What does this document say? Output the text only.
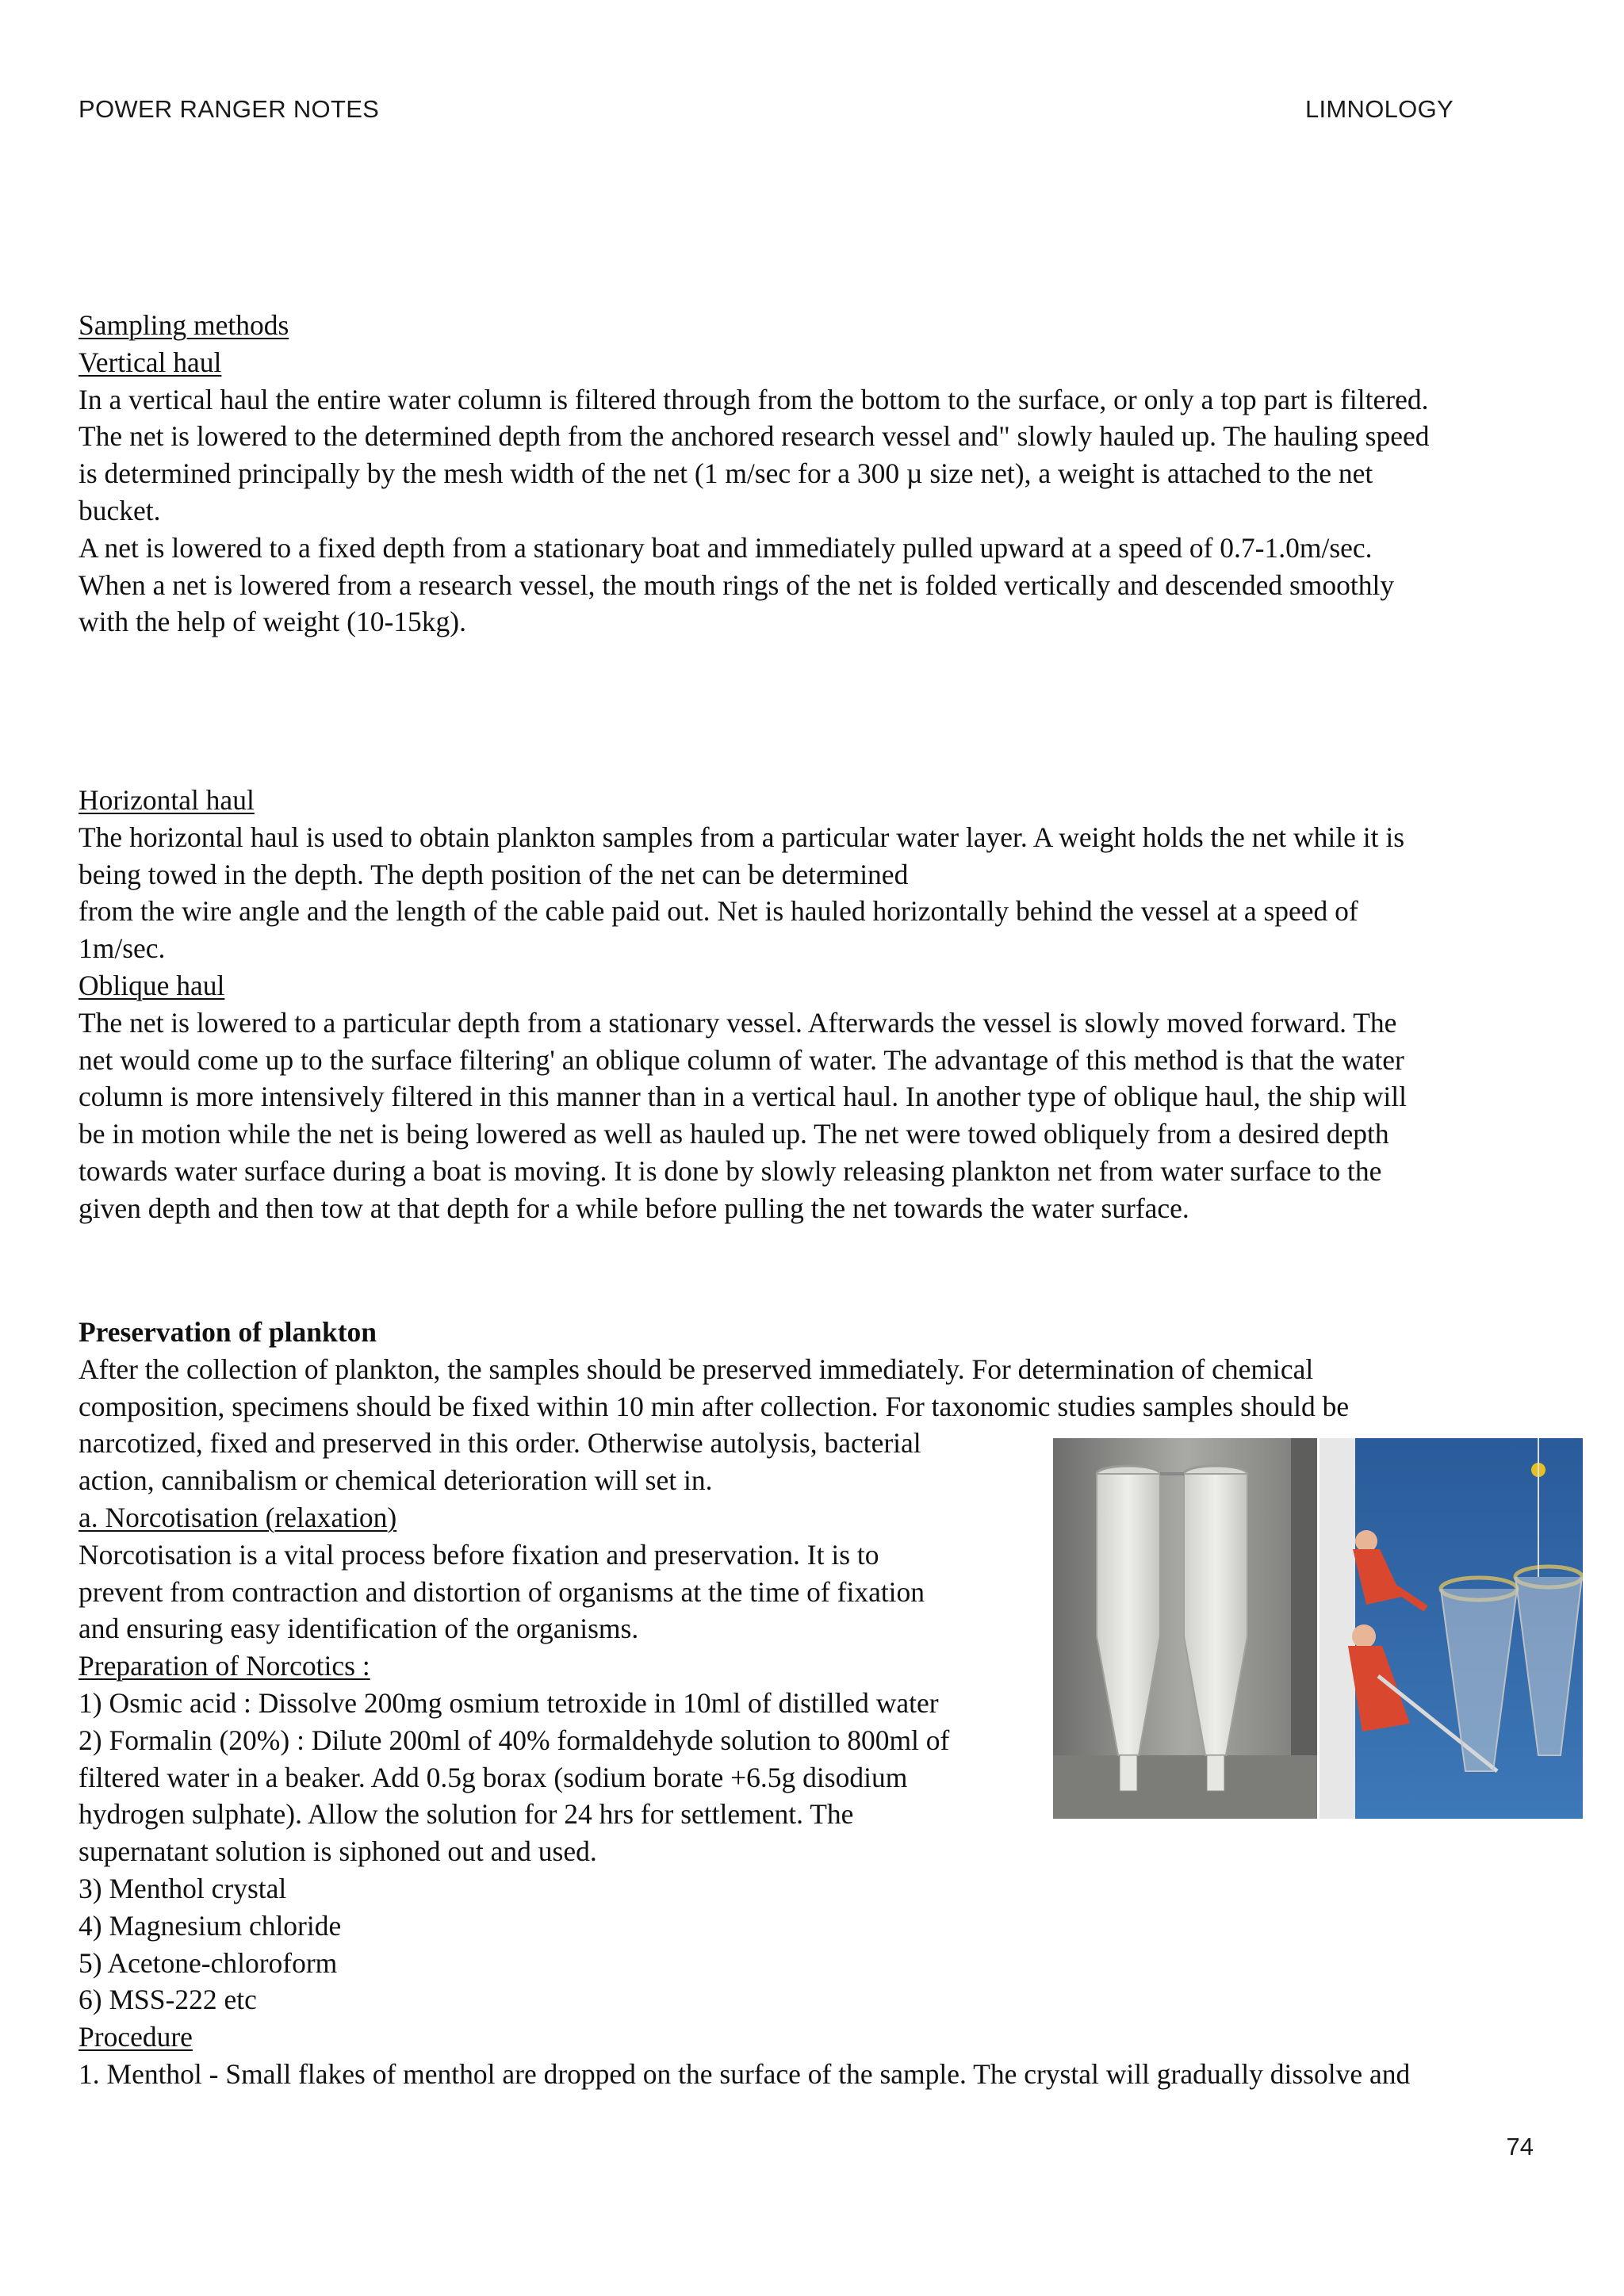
POWER RANGER NOTES	LIMNOLOGY

Sampling methods

Vertical haul

In a vertical haul the entire water column is filtered through from the bottom to the surface, or only a top part is filtered.

The net is lowered to the determined depth from the anchored research vessel and" slowly hauled up. The hauling speed

is determined principally by the mesh width of the net (1 m/sec for a 300 µ size net), a weight is attached to the net

bucket.

A net is lowered to a fixed depth from a stationary boat and immediately pulled upward at a speed of 0.7-1.0m/sec.

When a net is lowered from a research vessel, the mouth rings of the net is folded vertically and descended smoothly

with the help of weight (10-15kg).

Horizontal haul

The horizontal haul is used to obtain plankton samples from a particular water layer. A weight holds the net while it is

being towed in the depth. The depth position of the net can be determined

from the wire angle and the length of the cable paid out. Net is hauled horizontally behind the vessel at a speed of

1m/sec.

Oblique haul

The net is lowered to a particular depth from a stationary vessel. Afterwards the vessel is slowly moved forward. The

net would come up to the surface filtering' an oblique column of water. The advantage of this method is that the water

column is more intensively filtered in this manner than in a vertical haul. In another type of oblique haul, the ship will

be in motion while the net is being lowered as well as hauled up. The net were towed obliquely from a desired depth

towards water surface during a boat is moving. It is done by slowly releasing plankton net from water surface to the

given depth and then tow at that depth for a while before pulling the net towards the water surface.

Preservation of plankton

After the collection of plankton, the samples should be preserved immediately. For determination of chemical

composition, specimens should be fixed within 10 min after collection. For taxonomic studies samples should be

narcotized, fixed and preserved in this order. Otherwise autolysis, bacterial

action, cannibalism or chemical deterioration will set in.

a. Norcotisation (relaxation)

Norcotisation is a vital process before fixation and preservation. It is to

prevent from contraction and distortion of organisms at the time of fixation

and ensuring easy identification of the organisms.

Preparation of Norcotics :

1) Osmic acid : Dissolve 200mg osmium tetroxide in 10ml of distilled water

2) Formalin (20%) : Dilute 200ml of 40% formaldehyde solution to 800ml of

filtered water in a beaker. Add 0.5g borax (sodium borate +6.5g disodium

hydrogen sulphate). Allow the solution for 24 hrs for settlement. The

supernatant solution is siphoned out and used.

3) Menthol crystal

4) Magnesium chloride

5) Acetone-chloroform

6) MSS-222 etc

Procedure

1. Menthol - Small flakes of menthol are dropped on the surface of the sample. The crystal will gradually dissolve and

74
